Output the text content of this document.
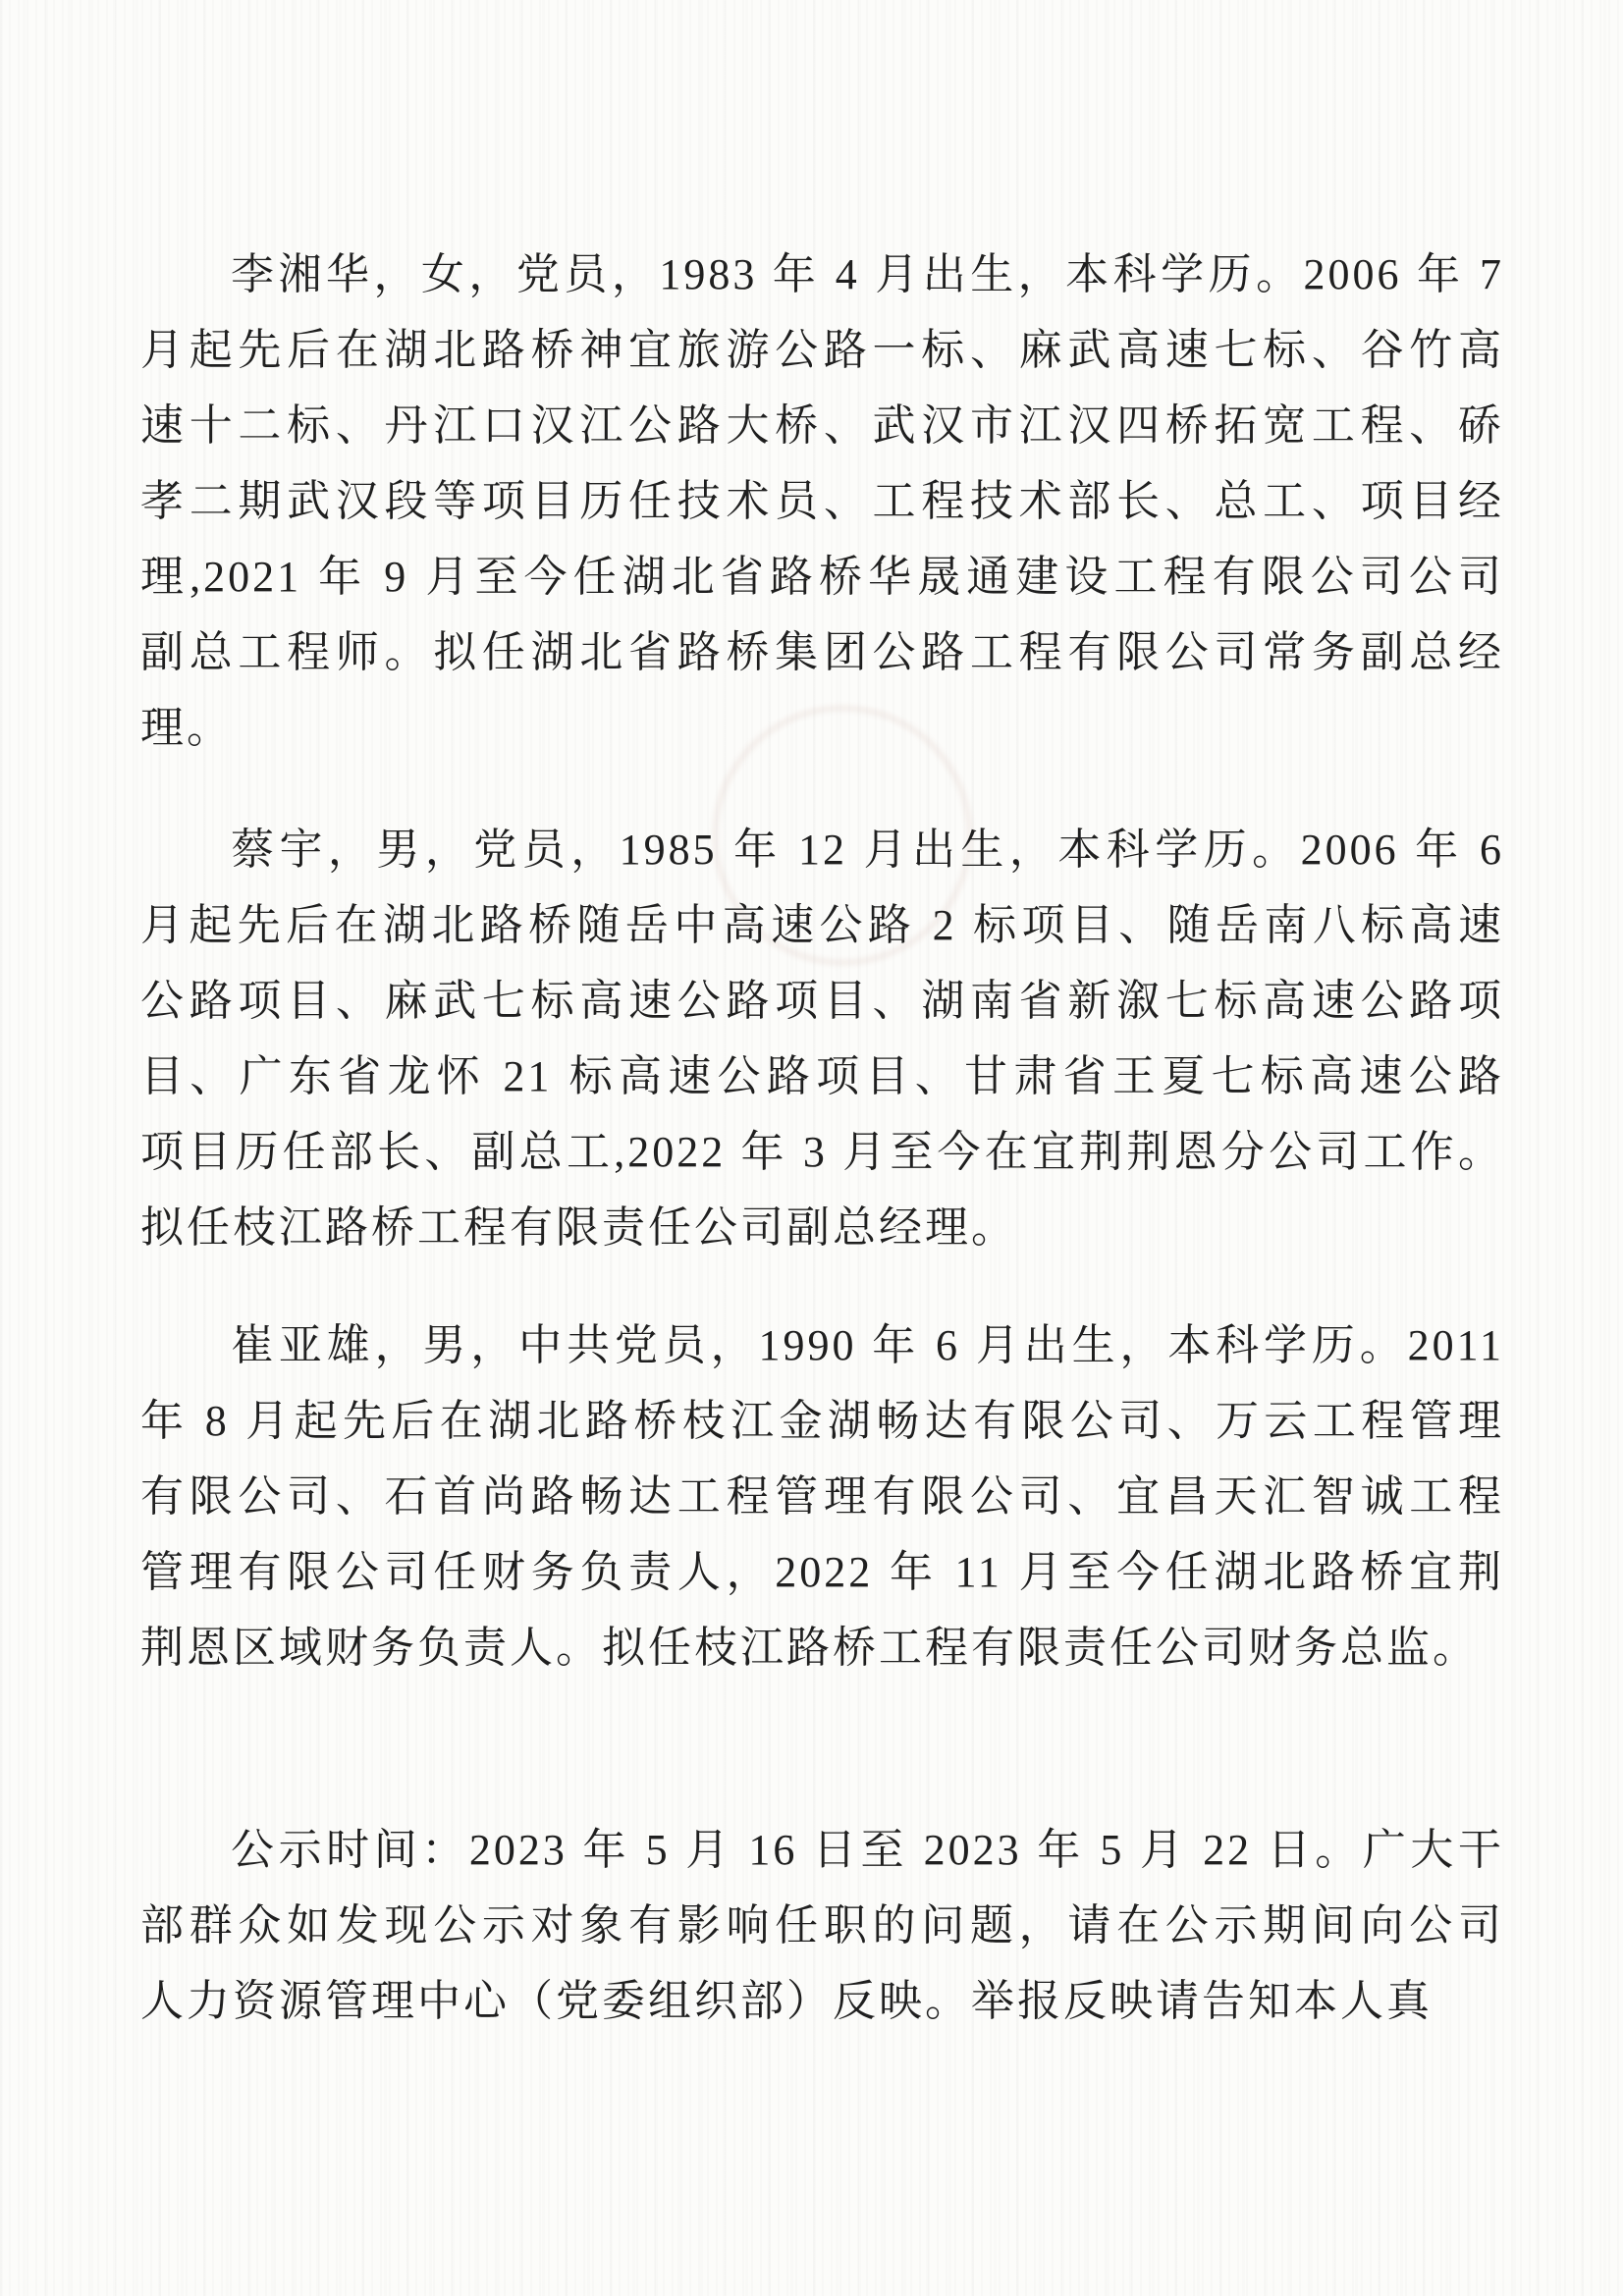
李湘华，女，党员，1983 年 4 月出生，本科学历。2006 年 7
月起先后在湖北路桥神宜旅游公路一标、麻武高速七标、谷竹高
速十二标、丹江口汉江公路大桥、武汉市江汉四桥拓宽工程、硚
孝二期武汉段等项目历任技术员、工程技术部长、总工、项目经
理,2021 年 9 月至今任湖北省路桥华晟通建设工程有限公司公司
副总工程师。拟任湖北省路桥集团公路工程有限公司常务副总经
理。
蔡宇，男，党员，1985 年 12 月出生，本科学历。2006 年 6
月起先后在湖北路桥随岳中高速公路 2 标项目、随岳南八标高速
公路项目、麻武七标高速公路项目、湖南省新溆七标高速公路项
目、广东省龙怀 21 标高速公路项目、甘肃省王夏七标高速公路
项目历任部长、副总工,2022 年 3 月至今在宜荆荆恩分公司工作。
拟任枝江路桥工程有限责任公司副总经理。
崔亚雄，男，中共党员，1990 年 6 月出生，本科学历。2011
年 8 月起先后在湖北路桥枝江金湖畅达有限公司、万云工程管理
有限公司、石首尚路畅达工程管理有限公司、宜昌天汇智诚工程
管理有限公司任财务负责人，2022 年 11 月至今任湖北路桥宜荆
荆恩区域财务负责人。拟任枝江路桥工程有限责任公司财务总监。
公示时间：2023 年 5 月 16 日至 2023 年 5 月 22 日。广大干
部群众如发现公示对象有影响任职的问题，请在公示期间向公司
人力资源管理中心（党委组织部）反映。举报反映请告知本人真
